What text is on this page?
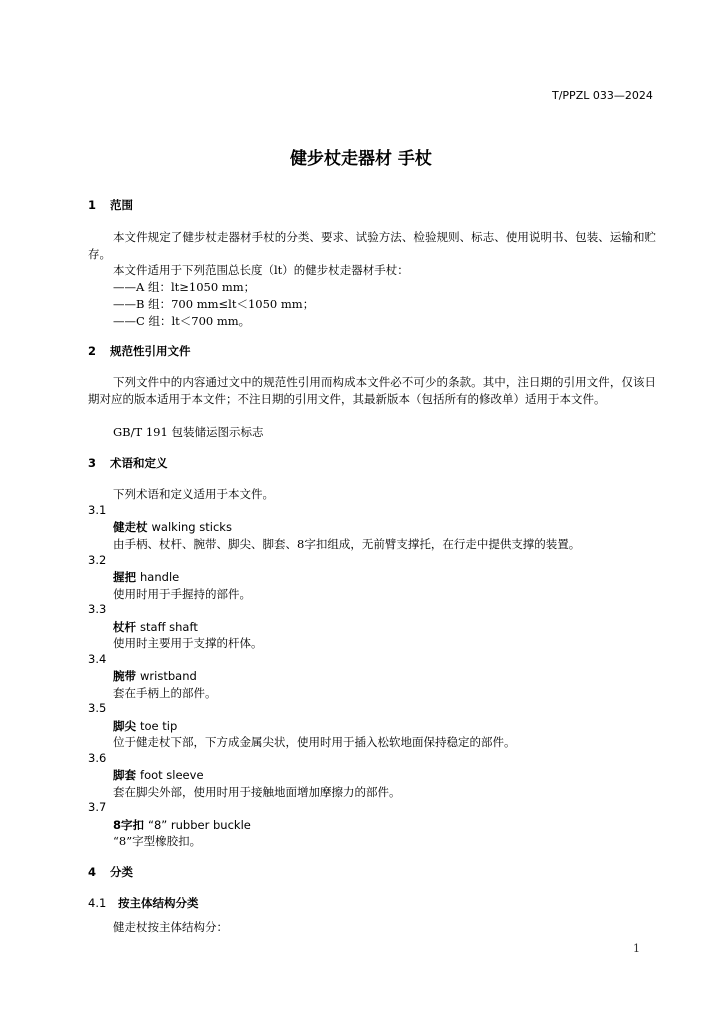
T/PPZL 033—2024
健步杖走器材 手杖
1 范围
本文件规定了健步杖走器材手杖的分类、要求、试验方法、检验规则、标志、使用说明书、包装、运输和贮存。
本文件适用于下列范围总长度（lt）的健步杖走器材手杖：
——A 组：lt≥1050 mm；
——B 组：700 mm≤lt＜1050 mm；
——C 组：lt＜700 mm。
2 规范性引用文件
下列文件中的内容通过文中的规范性引用而构成本文件必不可少的条款。其中，注日期的引用文件，仅该日期对应的版本适用于本文件；不注日期的引用文件，其最新版本（包括所有的修改单）适用于本文件。
GB/T 191 包装储运图示标志
3 术语和定义
下列术语和定义适用于本文件。
3.1
健走杖 walking sticks
由手柄、杖杆、腕带、脚尖、脚套、8字扣组成，无前臂支撑托，在行走中提供支撑的装置。
3.2
握把 handle
使用时用于手握持的部件。
3.3
杖杆 staff shaft
使用时主要用于支撑的杆体。
3.4
腕带 wristband
套在手柄上的部件。
3.5
脚尖 toe tip
位于健走杖下部，下方成金属尖状，使用时用于插入松软地面保持稳定的部件。
3.6
脚套 foot sleeve
套在脚尖外部，使用时用于接触地面增加摩擦力的部件。
3.7
8字扣 “8” rubber buckle
“8”字型橡胶扣。
4 分类
4.1 按主体结构分类
健走杖按主体结构分：
1
